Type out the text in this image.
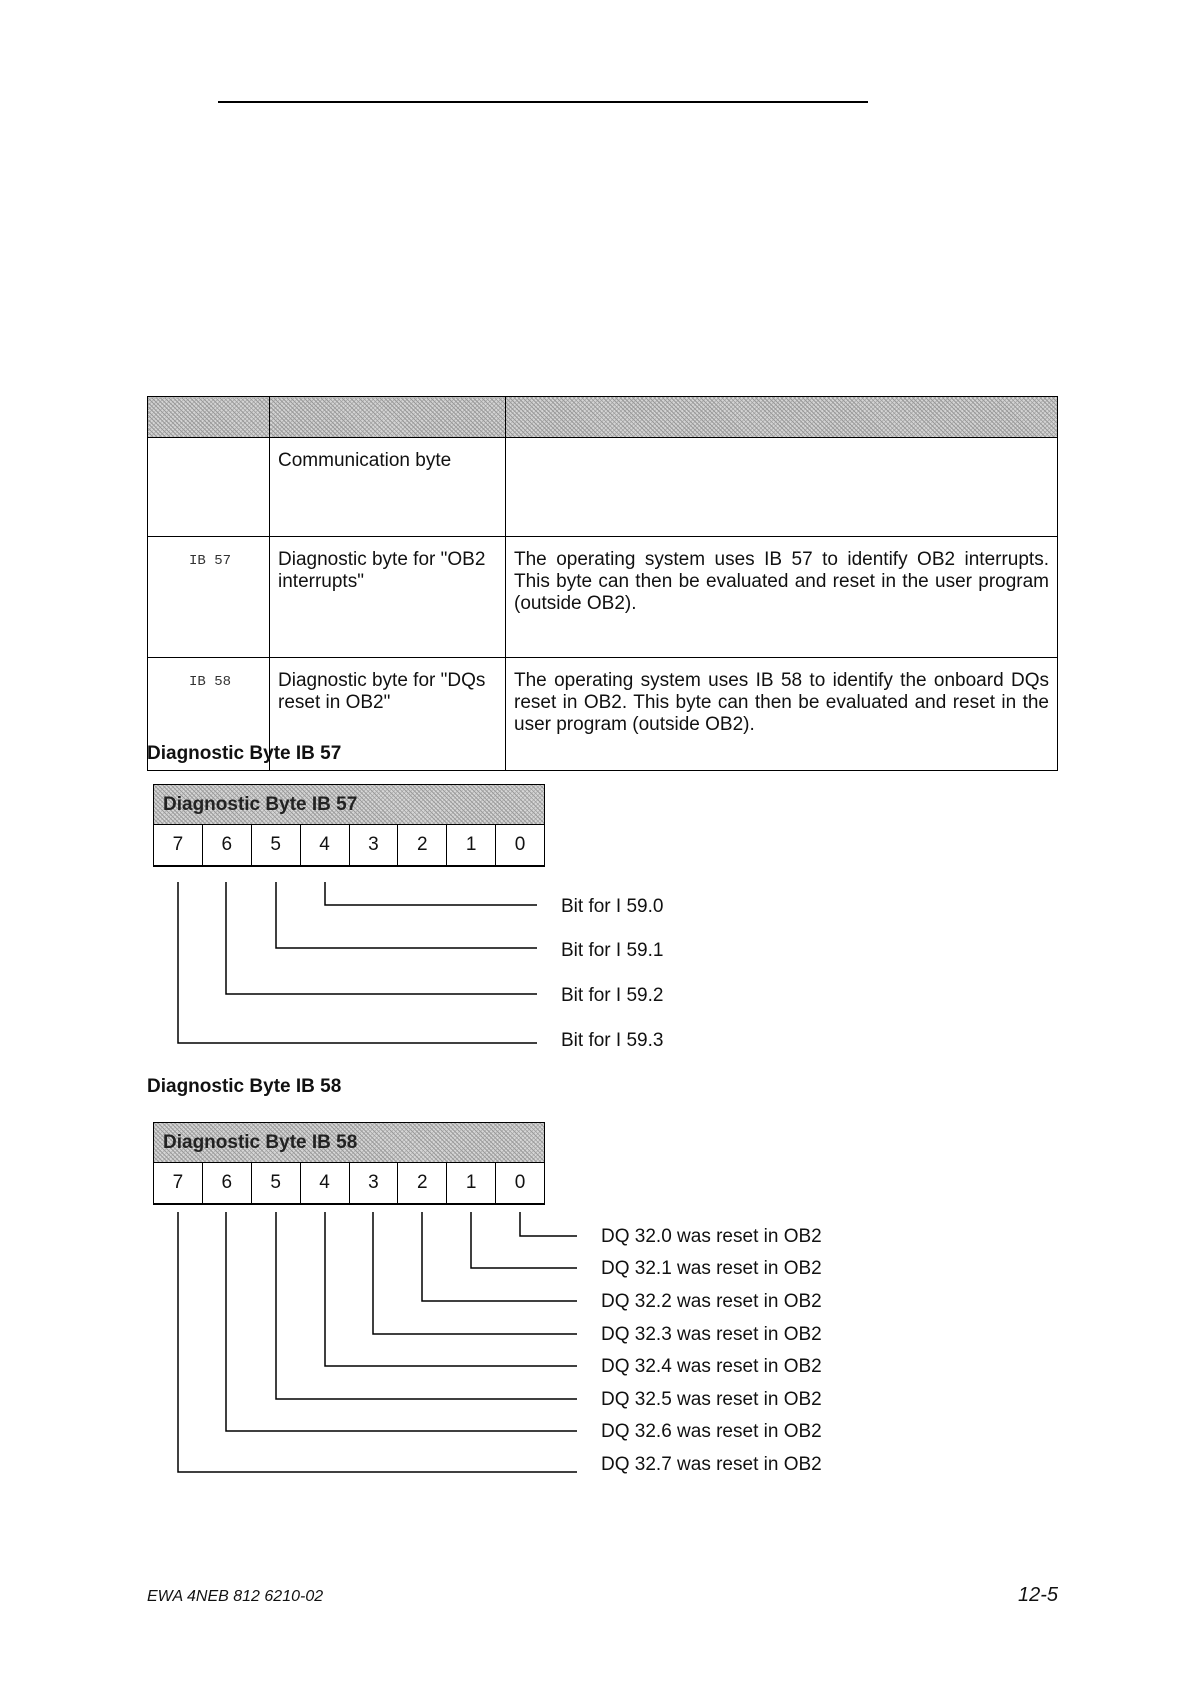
	Communication byte	
IB 57	Diagnostic byte for "OB2 interrupts"	The operating system uses IB 57 to identify OB2 interrupts. This byte can then be evaluated and reset in the user program (outside OB2).
IB 58	Diagnostic byte for "DQs reset in OB2"	The operating system uses IB 58 to identify the onboard DQs reset in OB2. This byte can then be evaluated and reset in the user program (outside OB2).
Diagnostic Byte IB 57
Diagnostic Byte IB 57
7	6	5	4	3	2	1	0
Bit for I 59.0
Bit for I 59.1
Bit for I 59.2
Bit for I 59.3
Diagnostic Byte IB 58
Diagnostic Byte IB 58
7	6	5	4	3	2	1	0
DQ 32.0 was reset in OB2
DQ 32.1 was reset in OB2
DQ 32.2 was reset in OB2
DQ 32.3 was reset in OB2
DQ 32.4 was reset in OB2
DQ 32.5 was reset in OB2
DQ 32.6 was reset in OB2
DQ 32.7 was reset in OB2
EWA 4NEB 812 6210-02	12-5
